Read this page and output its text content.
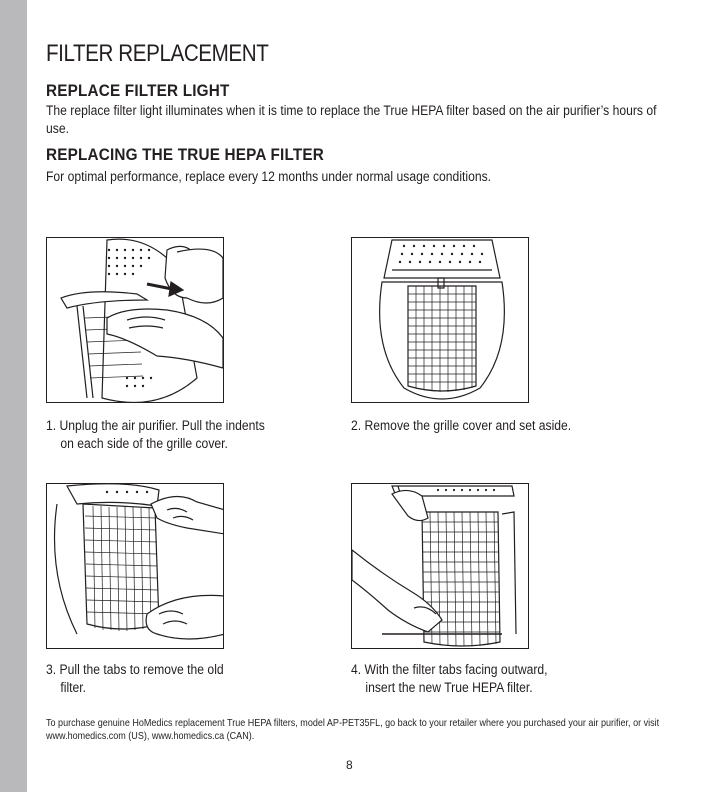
FILTER REPLACEMENT
REPLACE FILTER LIGHT
The replace filter light illuminates when it is time to replace the True HEPA filter based on the air purifier’s hours of use.
REPLACING THE TRUE HEPA FILTER
For optimal performance, replace every 12 months under normal usage conditions.
1. Unplug the air purifier. Pull the indents
on each side of the grille cover.
2. Remove the grille cover and set aside.
3. Pull the tabs to remove the old
filter.
4. With the filter tabs facing outward,
insert the new True HEPA filter.
To purchase genuine HoMedics replacement True HEPA filters, model AP-PET35FL, go back to your retailer where you purchased your air purifier, or visit www.homedics.com (US), www.homedics.ca (CAN).
8
